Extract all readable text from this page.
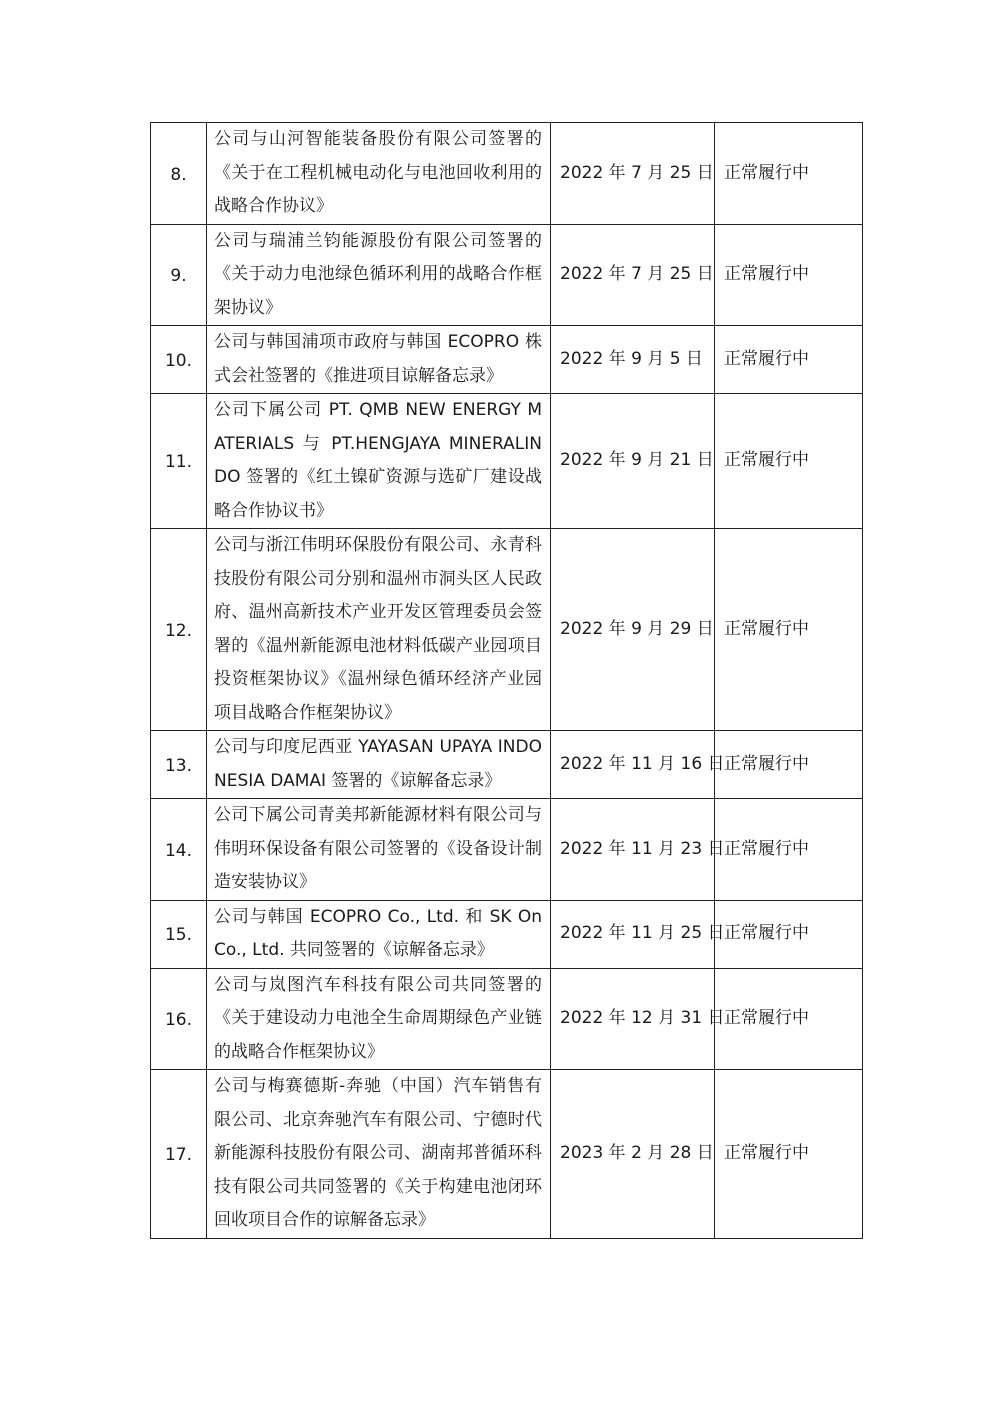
8.	公司与山河智能装备股份有限公司签署的《关于在工程机械电动化与电池回收利用的战略合作协议》	2022 年 7 月 25 日	正常履行中
9.	公司与瑞浦兰钧能源股份有限公司签署的《关于动力电池绿色循环利用的战略合作框架协议》	2022 年 7 月 25 日	正常履行中
10.	公司与韩国浦项市政府与韩国 ECOPRO 株式会社签署的《推进项目谅解备忘录》	2022 年 9 月 5 日	正常履行中
11.	公司下属公司 PT. QMB NEW ENERGY MATERIALS 与 PT.HENGJAYA MINERALINDO 签署的《红土镍矿资源与选矿厂建设战略合作协议书》	2022 年 9 月 21 日	正常履行中
12.	公司与浙江伟明环保股份有限公司、永青科技股份有限公司分别和温州市洞头区人民政府、温州高新技术产业开发区管理委员会签署的《温州新能源电池材料低碳产业园项目投资框架协议》《温州绿色循环经济产业园项目战略合作框架协议》	2022 年 9 月 29 日	正常履行中
13.	公司与印度尼西亚 YAYASAN UPAYA INDONESIA DAMAI 签署的《谅解备忘录》	2022 年 11 月 16 日	正常履行中
14.	公司下属公司青美邦新能源材料有限公司与伟明环保设备有限公司签署的《设备设计制造安装协议》	2022 年 11 月 23 日	正常履行中
15.	公司与韩国 ECOPRO Co., Ltd. 和 SK On Co., Ltd. 共同签署的《谅解备忘录》	2022 年 11 月 25 日	正常履行中
16.	公司与岚图汽车科技有限公司共同签署的《关于建设动力电池全生命周期绿色产业链的战略合作框架协议》	2022 年 12 月 31 日	正常履行中
17.	公司与梅赛德斯-奔驰（中国）汽车销售有限公司、北京奔驰汽车有限公司、宁德时代新能源科技股份有限公司、湖南邦普循环科技有限公司共同签署的《关于构建电池闭环回收项目合作的谅解备忘录》	2023 年 2 月 28 日	正常履行中
